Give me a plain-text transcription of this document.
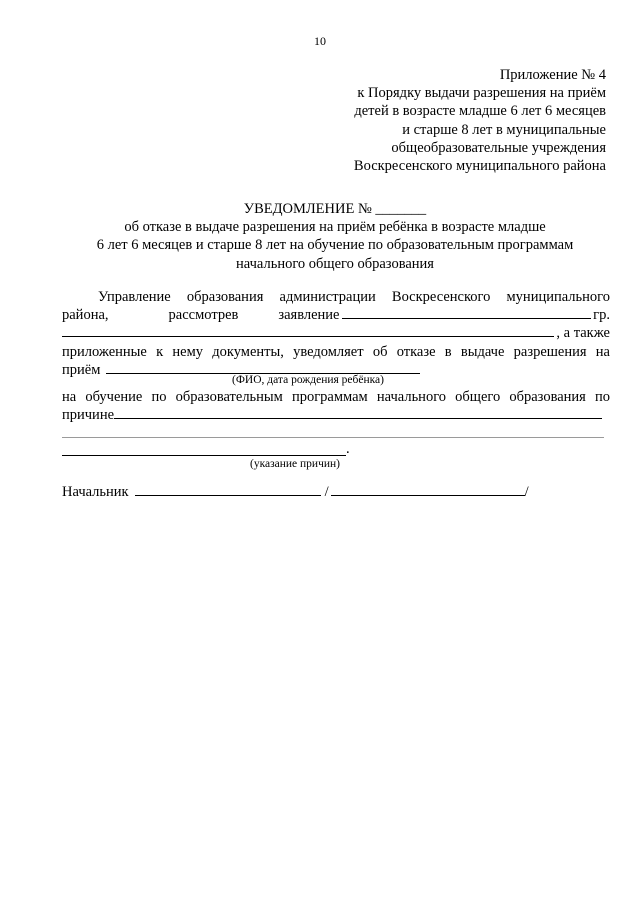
10
Приложение № 4
к Порядку выдачи разрешения на приём
детей в возрасте младше 6 лет 6 месяцев
и старше 8 лет в муниципальные
общеобразовательные учреждения
Воскресенского муниципального района
УВЕДОМЛЕНИЕ № _______
об отказе в выдаче разрешения на приём ребёнка в возрасте младше
6 лет 6 месяцев и старше 8 лет на обучение по образовательным программам
начального общего образования
Управление образования администрации Воскресенского муниципального
района,	рассмотрев	заявление	гр.
, а также
приложенные к нему документы, уведомляет об отказе в выдаче разрешения на
приём
(ФИО, дата рождения ребёнка)
на обучение по образовательным программам начального общего образования по
причине
.
(указание причин)
Начальник	/	/
